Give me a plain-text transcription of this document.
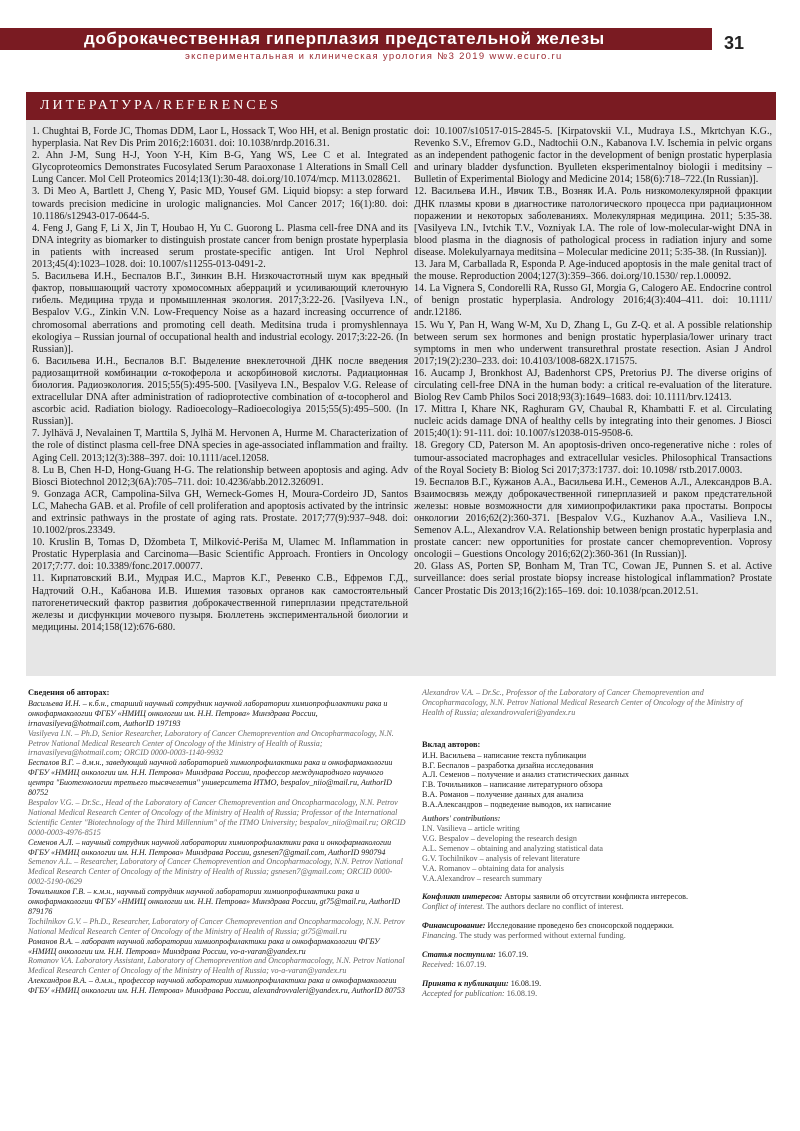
доброкачественная гиперплазия предстательной железы
экспериментальная и клиническая урология №3 2019 www.ecuro.ru
31
ЛИТЕРАТУРА/REFERENCES

1. Chughtai B, Forde JC, Thomas DDM, Laor L, Hossack T, Woo HH, et al. Benign prostatic hyperplasia. Nat Rev Dis Prim 2016;2:16031. doi: 10.1038/nrdp.2016.31.

2. Ahn J-M, Sung H-J, Yoon Y-H, Kim B-G, Yang WS, Lee C et al. Integrated Glycoproteomics Demonstrates Fucosylated Serum Paraoxonase 1 Alterations in Small Cell Lung Cancer. Mol Cell Proteomics 2014;13(1):30-48. doi.org/10.1074/mcp. M113.028621.

3. Di Meo A, Bartlett J, Cheng Y, Pasic MD, Yousef GM. Liquid biopsy: a step forward towards precision medicine in urologic malignancies. Mol Cancer 2017; 16(1):80. doi: 10.1186/s12943-017-0644-5.

4. Feng J, Gang F, Li X, Jin T, Houbao H, Yu C. Guorong L. Plasma cell-free DNA and its DNA integrity as biomarker to distinguish prostate cancer from benign prostate hyperplasia in patients with increased serum prostate-specific antigen. Int Urol Nephrol 2013;45(4):1023–1028. doi: 10.1007/s11255-013-0491-2.

5. Васильева И.Н., Беспалов В.Г., Зинкин В.Н. Низкочастотный шум как вредный фактор, повышающий частоту хромосомных аберраций и усиливающий клеточную гибель. Медицина труда и промышленная экология. 2017;3:22-26. [Vasilyeva I.N., Bespalov V.G., Zinkin V.N. Low-Frequency Noise as a hazard increasing occurrence of chromosomal aberrations and promoting cell death. Meditsina truda i promyshlennaya ekologiya – Russian journal of occupational health and industrial ecology. 2017;3:22-26. (In Russian)].

6. Васильева И.Н., Беспалов В.Г. Выделение внеклеточной ДНК после введения радиозащитной комбинации α-токоферола и аскорбиновой кислоты. Радиационная биология. Радиоэкология. 2015;55(5):495-500. [Vasilyeva I.N., Bespalov V.G. Release of extracellular DNA after administration of radioprotective combination of α-tocopherol and ascorbic acid. Radiation biology. Radioecology–Radioecologiya 2015;55(5):495–500. (In Russian)].

7. Jylhävä J, Nevalainen T, Marttila S, Jylhä M. Hervonen A, Hurme M. Characterization of the role of distinct plasma cell-free DNA species in age-associated inflammation and frailty. Aging Cell. 2013;12(3):388–397. doi: 10.1111/acel.12058.

8. Lu B, Chen H-D, Hong-Guang H-G. The relationship between apoptosis and aging. Adv Biosci Biotechnol 2012;3(6A):705–711. doi: 10.4236/abb.2012.326091.

9. Gonzaga ACR, Campolina-Silva GH, Werneck-Gomes H, Moura-Cordeiro JD, Santos LC, Mahecha GAB. et al. Profile of cell proliferation and apoptosis activated by the intrinsic and extrinsic pathways in the prostate of aging rats. Prostate. 2017;77(9):937–948. doi: 10.1002/pros.23349.

10. Kruslin B, Tomas D, Džombeta T, Milković-Periša M, Ulamec M. Inflammation in Prostatic Hyperplasia and Carcinoma—Basic Scientific Approach. Frontiers in Oncology 2017;7:77. doi: 10.3389/fonc.2017.00077.

11. Кирпатовский В.И., Мудрая И.С., Мартов К.Г., Ревенко С.В., Ефремов Г.Д., Надточий О.Н., Кабанова И.В. Ишемия тазовых органов как самостоятельный патогенетический фактор развития доброкачественной гиперплазии предстательной железы и дисфункции мочевого пузыря. Бюллетень экспериментальной биологии и медицины. 2014;158(12):676-680.

doi: 10.1007/s10517-015-2845-5. [Kirpatovskii V.I., Mudraya I.S., Mkrtchyan K.G., Revenko S.V., Efremov G.D., Nadtochii O.N., Kabanova I.V. Ischemia in pelvic organs as an independent pathogenic factor in the development of benign prostatic hyperplasia and urinary bladder dysfunction. Byulleten eksperimentalnoy biologii i meditsiny – Bulletin of Experimental Biology and Medicine 2014; 158(6):718–722.(In Russian)].

12. Васильева И.Н., Ивчик Т.В., Возняк И.А. Роль низкомолекулярной фракции ДНК плазмы крови в диагностике патологического процесса при радиационном поражении и некоторых заболеваниях. Молекулярная медицина. 2011; 5:35-38. [Vasilyeva I.N., Ivtchik T.V., Vozniyak I.A. The role of low-molecular-wight DNA in blood plasma in the diagnosis of pathological process in radiation injury and some disease. Molekulyarnaya meditsina – Molecular medicine 2011; 5:35-38. (In Russian)].

13. Jara M, Carballada R, Esponda P. Age-induced apoptosis in the male genital tract of the mouse. Reproduction 2004;127(3):359–366. doi.org/10.1530/ rep.1.00092.

14. La Vignera S, Condorelli RA, Russo GI, Morgia G, Calogero AE. Endocrine control of benign prostatic hyperplasia. Andrology 2016;4(3):404–411. doi: 10.1111/ andr.12186.

15. Wu Y, Pan H, Wang W-M, Xu D, Zhang L, Gu Z-Q. et al. A possible relationship between serum sex hormones and benign prostatic hyperplasia/lower urinary tract symptoms in men who underwent transurethral prostate resection. Asian J Androl 2017;19(2):230–233. doi: 10.4103/1008-682X.171575.

16. Aucamp J, Bronkhost AJ, Badenhorst CPS, Pretorius PJ. The diverse origins of circulating cell-free DNA in the human body: a critical re-evaluation of the literature. Biolog Rev Camb Philos Soci 2018;93(3):1649–1683. doi: 10.1111/brv.12413.

17. Mittra I, Khare NK, Raghuram GV, Chaubal R, Khambatti F. et al. Circulating nucleic acids damage DNA of healthy cells by integrating into their genomes. J Biosci 2015;40(1): 91-111. doi: 10.1007/s12038-015-9508-6.

18. Gregory CD, Paterson M. An apoptosis-driven onco-regenerative niche : roles of tumour-associated macrophages and extracellular vesicles. Philosophical Transactions of the Royal Society B: Biolog Sci 2017;373:1737. doi: 10.1098/ rstb.2017.0003.

19. Беспалов В.Г., Кужанов А.А., Васильева И.Н., Семенов А.Л., Александров В.А. Взаимосвязь между доброкачественной гиперплазией и раком предстательной железы: новые возможности для химиопрофилактики рака простаты. Вопросы онкологии 2016;62(2):360-371. [Bespalov V.G., Kuzhanov A.A., Vasilieva I.N., Semenov A.L., Alexandrov V.A. Relationship between benign prostatic hyperplasia and prostate cancer: new opportunities for prostate cancer chemoprevention. Voprosy oncologii – Guestions Oncology 2016;62(2):360-361 (In Russian)].

20. Glass AS, Porten SP, Bonham M, Tran TC, Cowan JE, Punnen S. et al. Active surveillance: does serial prostate biopsy increase histological inflammation? Prostate Cancer Prostatic Dis 2013;16(2):165–169. doi: 10.1038/pcan.2012.51.

Сведения об авторах:

Васильева И.Н. – к.б.н., старший научный сотрудник научной лаборатории химиопрофилактики рака и онкофармакологии ФГБУ «НМИЦ онкологии им. Н.Н. Петрова» Минздрава России, irnavasilyeva@hotmail.com, AuthorID 197193

Vasilyeva I.N. – Ph.D, Senior Researcher, Laboratory of Cancer Chemoprevention and Oncopharmacology, N.N. Petrov National Medical Research Center of Oncology of the Ministry of Health of Russia; irnavasilyeva@hotmail.com; ORCID 0000-0003-1140-9932

Беспалов В.Г. – д.м.н., заведующий научной лабораторией химиопрофилактики рака и онкофармакологии ФГБУ «НМИЦ онкологии им. Н.Н. Петрова» Минздрава России, профессор международного научного центра "Биотехнологии третьего тысячелетия" университета ИТМО, bespalov_niio@mail.ru, AuthorID 80752

Bespalov V.G. – Dr.Sc., Head of the Laboratory of Cancer Chemoprevention and Oncopharmacology, N.N. Petrov National Medical Research Center of Oncology of the Ministry of Health of Russia; Professor of the International Scientific Center "Biotechnology of the Third Millennium" of the ITMO University; bespalov_niio@mail.ru; ORCID 0000-0003-4976-8515

Семенов А.Л. – научный сотрудник научной лаборатории химиопрофилактики рака и онкофармакологии ФГБУ «НМИЦ онкологии им. Н.Н. Петрова» Минздрава России, gsnesen7@gmail.com, AuthorID 990794

Semenov A.L. – Researcher, Laboratory of Cancer Chemoprevention and Oncopharmacology, N.N. Petrov National Medical Research Center of Oncology of the Ministry of Health of Russia; gsnesen7@gmail.com; ORCID 0000-0002-5190-0629

Точильников Г.В. – к.м.н., научный сотрудник научной лаборатории химиопрофилактики рака и онкофармакологии ФГБУ «НМИЦ онкологии им. Н.Н. Петрова» Минздрава России, gt75@mail.ru, AuthorID 879176

Tochilnikov G.V. – Ph.D., Researcher, Laboratory of Cancer Chemoprevention and Oncopharmacology, N.N. Petrov National Medical Research Center of Oncology of the Ministry of Health of Russia; gt75@mail.ru

Романов В.А. – лаборант научной лаборатории химиопрофилактики рака и онкофармакологии ФГБУ «НМИЦ онкологии им. Н.Н. Петрова» Минздрава России, vo-a-varan@yandex.ru

Romanov V.A. Laboratory Assistant, Laboratory of Chemoprevention and Oncopharmacology, N.N. Petrov National Medical Research Center of Oncology of the Ministry of Health of Russia; vo-a-varan@yandex.ru

Александров В.А. – д.м.н., профессор научной лаборатории химиопрофилактики рака и онкофармакологии ФГБУ «НМИЦ онкологии им. Н.Н. Петрова» Минздрава России, alexandrovvaleri@yandex.ru, AuthorID 80753

Alexandrov V.A. – Dr.Sc., Professor of the Laboratory of Cancer Chemoprevention and Oncopharmacology, N.N. Petrov National Medical Research Center of Oncology of the Ministry of Health of Russia; alexandrovvaleri@yandex.ru

Вклад авторов:

И.Н. Васильева – написание текста публикации

В.Г. Беспалов – разработка дизайна исследования

А.Л. Семенов – получение и анализ статистических данных

Г.В. Точильников – написание литературного обзора

В.А. Романов – получение данных для анализа

В.А.Александров – подведение выводов, их написание

Authors' contributions:

I.N. Vasilieva – article writing

V.G. Bespalov – developing the research design

A.L. Semenov – obtaining and analyzing statistical data

G.V. Tochilnikov – analysis of relevant literature

V.A. Romanov – obtaining data for analysis

V.A.Alexandrov – research summary

Конфликт интересов: Авторы заявили об отсутствии конфликта интересов.

Conflict of interest. The authors declare no conflict of interest.

Финансирование: Исследование проведено без спонсорской поддержки.

Financing. The study was performed without external funding.

Статья поступила: 16.07.19.

Received: 16.07.19.

Принята к публикации: 16.08.19.

Accepted for publication: 16.08.19.
